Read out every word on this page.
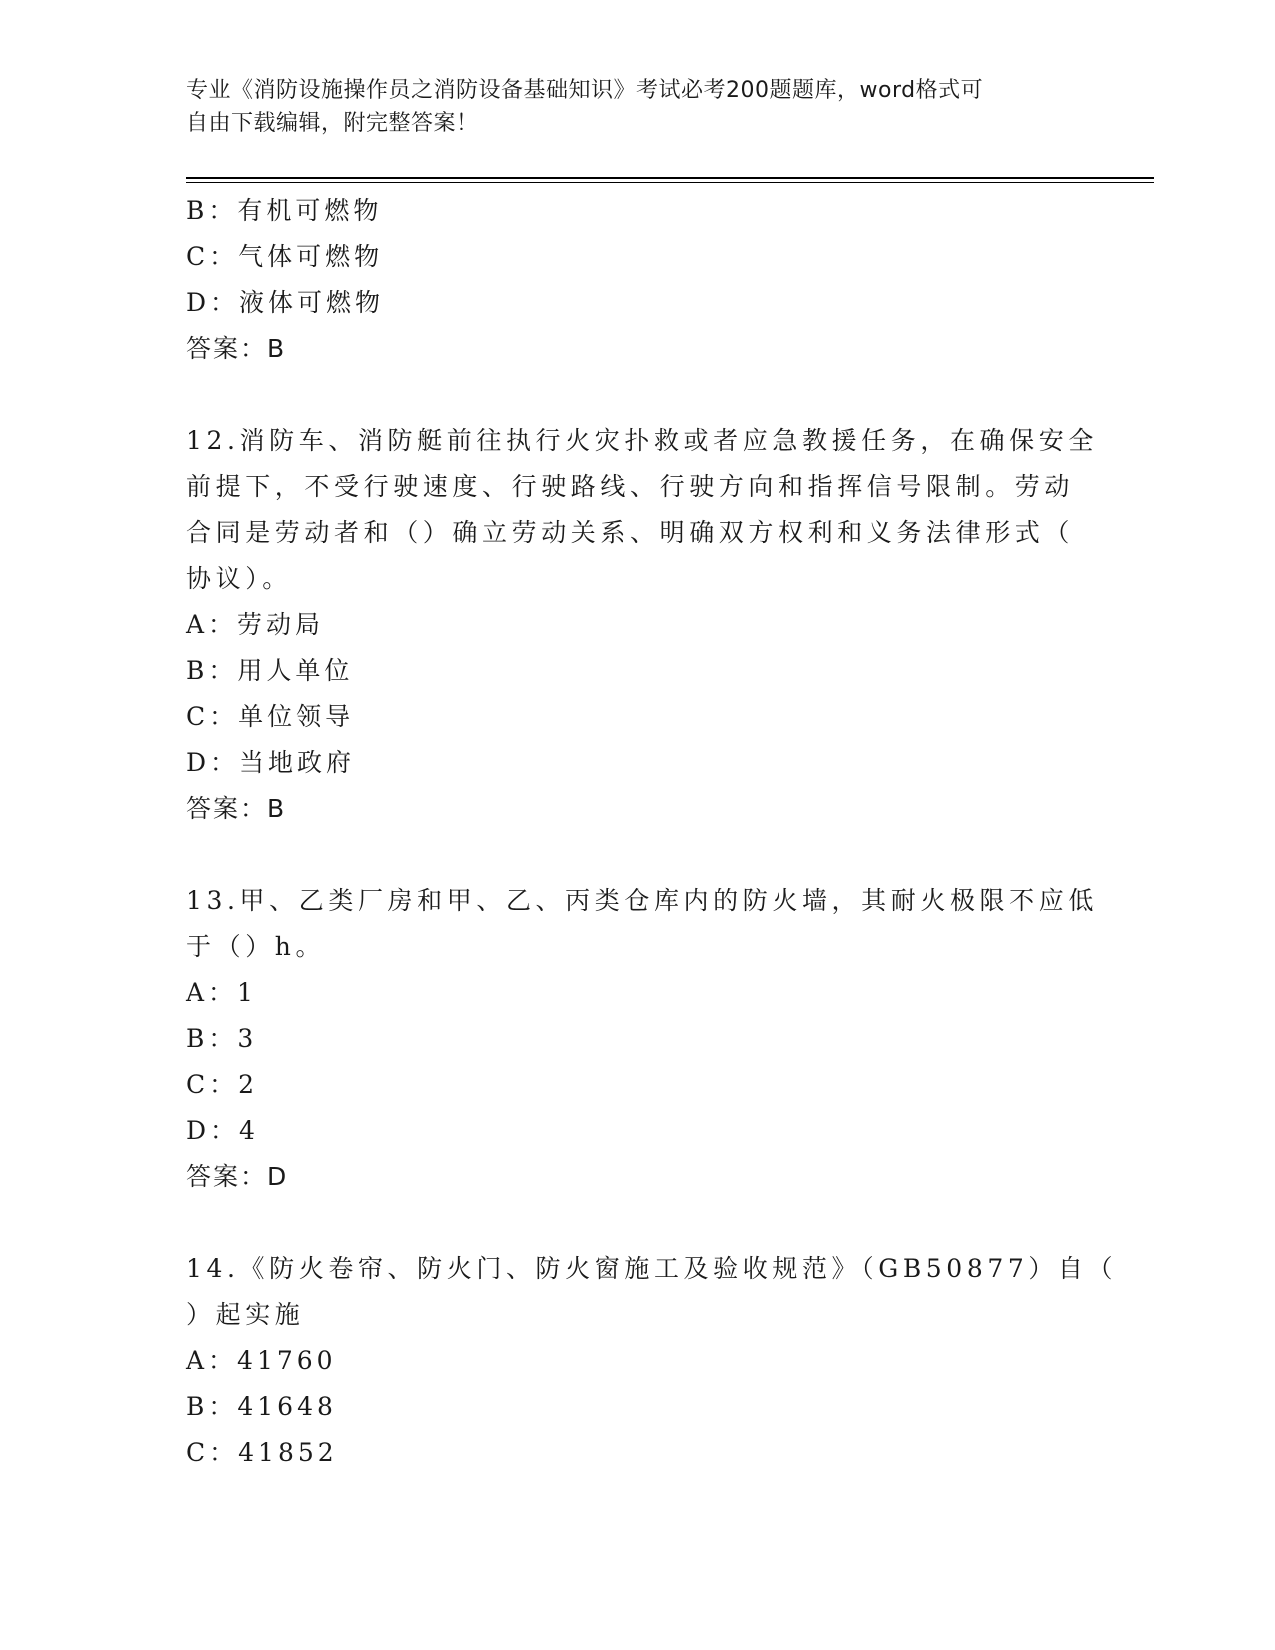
专业《消防设施操作员之消防设备基础知识》考试必考200题题库，word格式可
自由下载编辑，附完整答案！
B：有机可燃物
C：气体可燃物
D：液体可燃物
答案：B
12.消防车、消防艇前往执行火灾扑救或者应急教援任务，在确保安全
前提下，不受行驶速度、行驶路线、行驶方向和指挥信号限制。劳动
合同是劳动者和（）确立劳动关系、明确双方权利和义务法律形式（
协议）。
A：劳动局
B：用人单位
C：单位领导
D：当地政府
答案：B
13.甲、乙类厂房和甲、乙、丙类仓库内的防火墙，其耐火极限不应低
于（）h。
A：1
B：3
C：2
D：4
答案：D
14.《防火卷帘、防火门、防火窗施工及验收规范》（GB50877）自（
）起实施
A：41760
B：41648
C：41852
